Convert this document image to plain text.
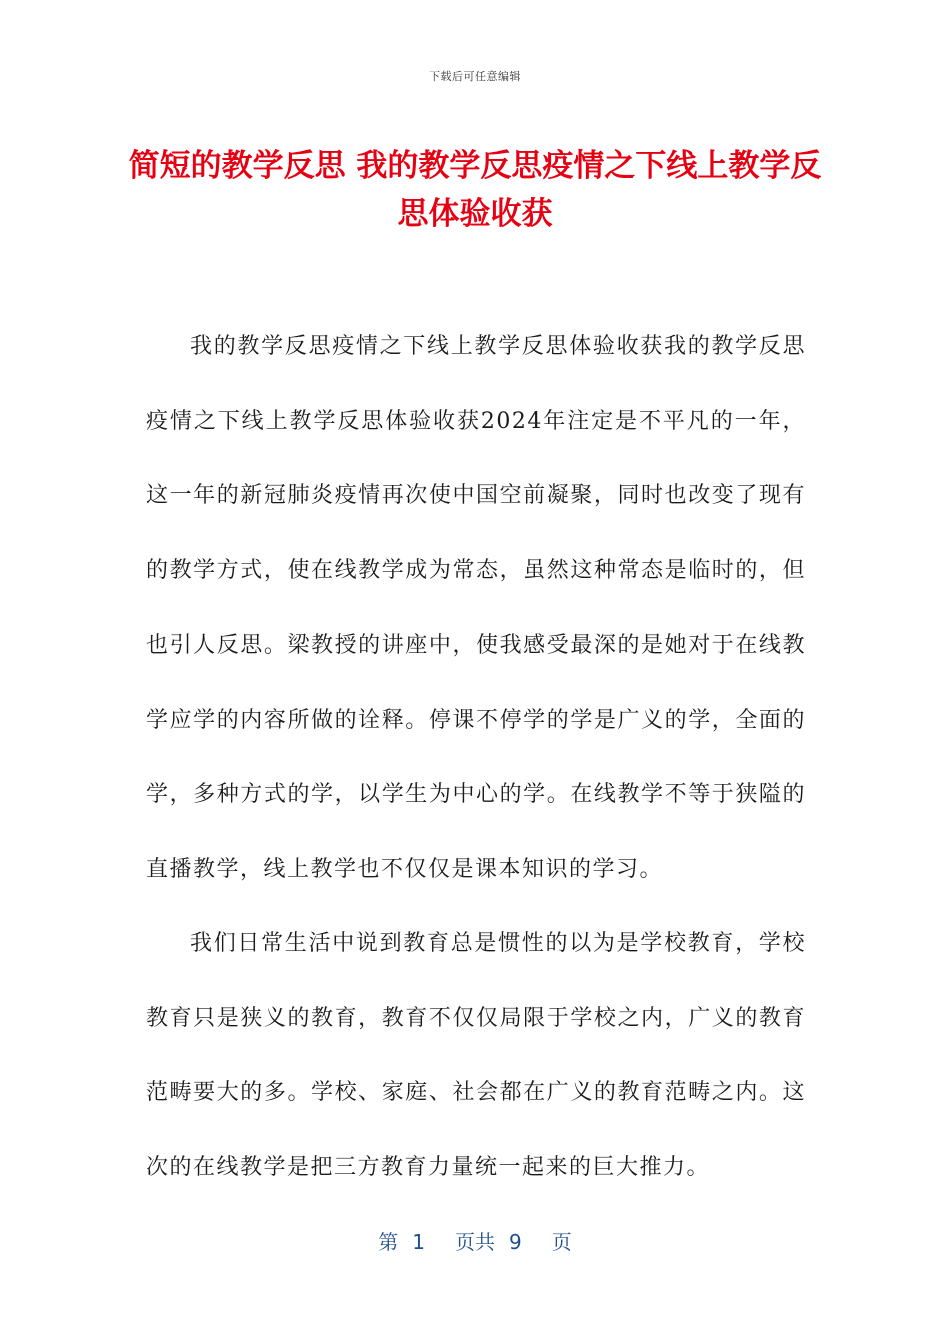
下载后可任意编辑
简短的教学反思 我的教学反思疫情之下线上教学反思体验收获

我的教学反思疫情之下线上教学反思体验收获我的教学反思疫情之下线上教学反思体验收获2024年注定是不平凡的一年，这一年的新冠肺炎疫情再次使中国空前凝聚，同时也改变了现有的教学方式，使在线教学成为常态，虽然这种常态是临时的，但也引人反思。梁教授的讲座中，使我感受最深的是她对于在线教学应学的内容所做的诠释。停课不停学的学是广义的学，全面的学，多种方式的学，以学生为中心的学。在线教学不等于狭隘的直播教学，线上教学也不仅仅是课本知识的学习。

我们日常生活中说到教育总是惯性的以为是学校教育，学校教育只是狭义的教育，教育不仅仅局限于学校之内，广义的教育范畴要大的多。学校、家庭、社会都在广义的教育范畴之内。这次的在线教学是把三方教育力量统一起来的巨大推力。

第 1 页共 9 页
